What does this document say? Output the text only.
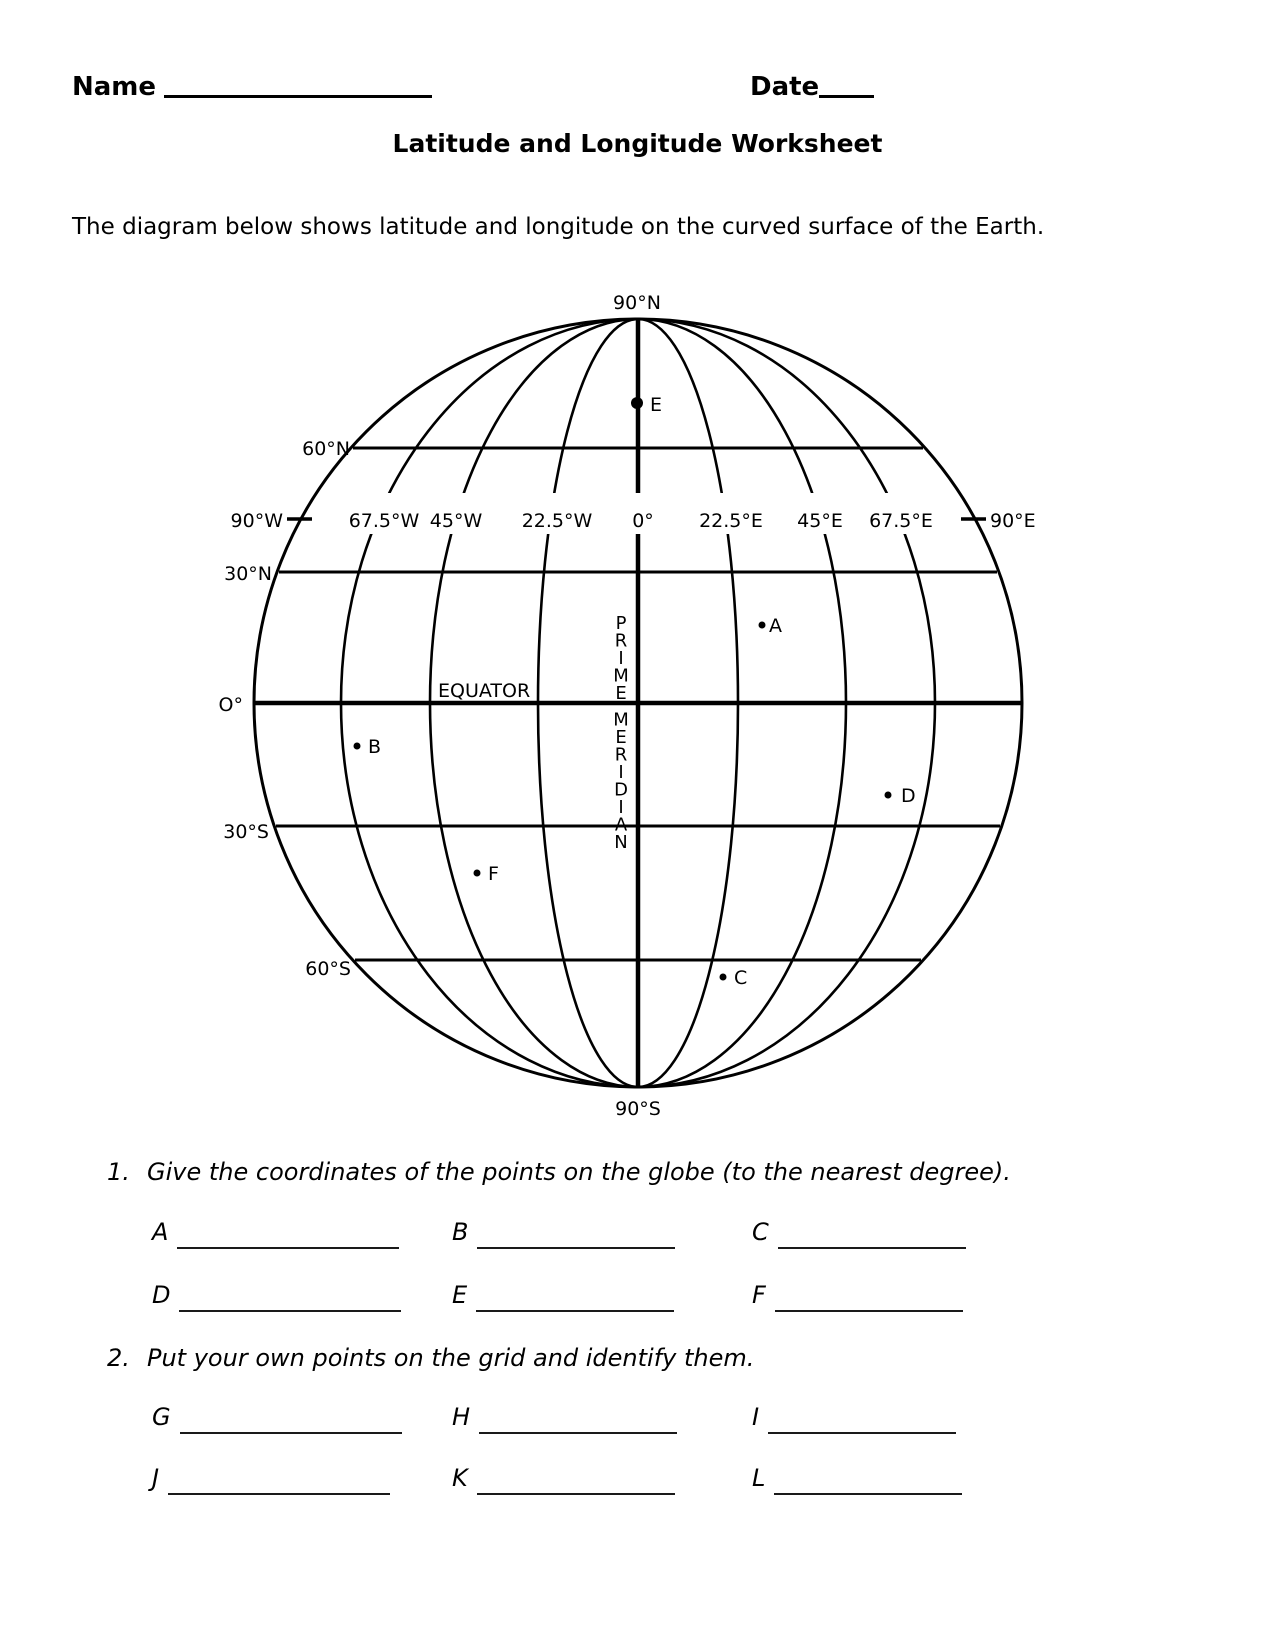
Name	Date
Latitude and Longitude Worksheet
The diagram below shows latitude and longitude on the curved surface of the Earth.
90°N
90°S
60°N
30°N
O°
30°S
60°S
90°W	67.5°W 45°W 22.5°W 0° 22.5°E 45°E 67.5°E	90°E
EQUATOR
P R I M E M E R I D I A N
E
A
B
D
F
C
1. Give the coordinates of the points on the globe (to the nearest degree).
A	B	C
D	E	F
2. Put your own points on the grid and identify them.
G	H	I
J	K	L
